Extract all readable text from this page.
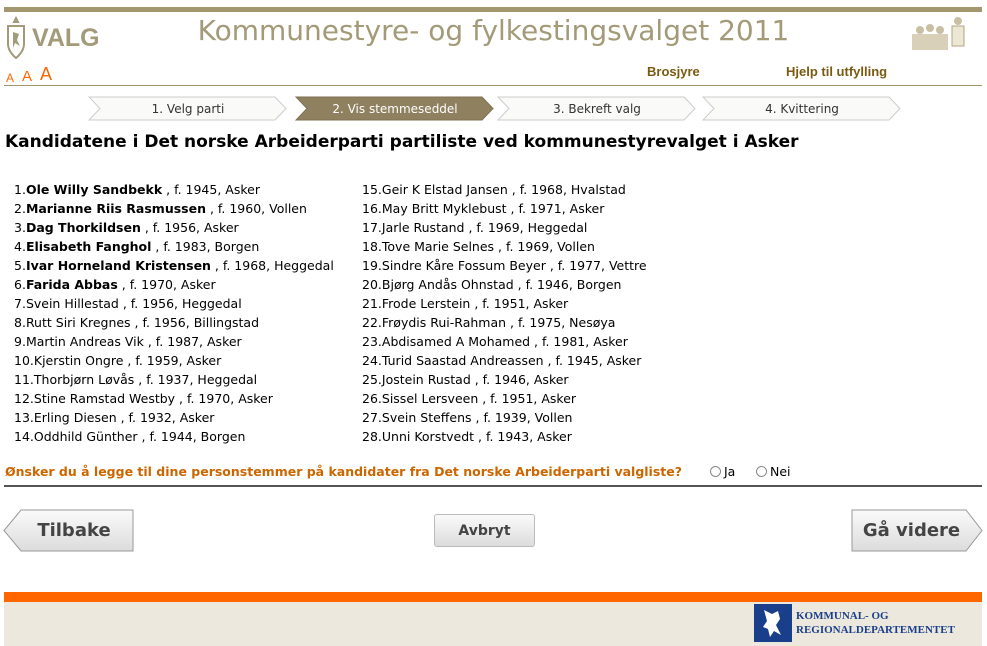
VALG	Kommunestyre- og fylkestingsvalget 2011
A A A	Brosjyre	Hjelp til utfylling
1. Velg parti	2. Vis stemmeseddel	3. Bekreft valg	4. Kvittering
Kandidatene i Det norske Arbeiderparti partiliste ved kommunestyrevalget i Asker
1.Ole Willy Sandbekk , f. 1945, Asker
2.Marianne Riis Rasmussen , f. 1960, Vollen
3.Dag Thorkildsen , f. 1956, Asker
4.Elisabeth Fanghol , f. 1983, Borgen
5.Ivar Horneland Kristensen , f. 1968, Heggedal
6.Farida Abbas , f. 1970, Asker
7.Svein Hillestad , f. 1956, Heggedal
8.Rutt Siri Kregnes , f. 1956, Billingstad
9.Martin Andreas Vik , f. 1987, Asker
10.Kjerstin Ongre , f. 1959, Asker
11.Thorbjørn Løvås , f. 1937, Heggedal
12.Stine Ramstad Westby , f. 1970, Asker
13.Erling Diesen , f. 1932, Asker
14.Oddhild Günther , f. 1944, Borgen
15.Geir K Elstad Jansen , f. 1968, Hvalstad
16.May Britt Myklebust , f. 1971, Asker
17.Jarle Rustand , f. 1969, Heggedal
18.Tove Marie Selnes , f. 1969, Vollen
19.Sindre Kåre Fossum Beyer , f. 1977, Vettre
20.Bjørg Andås Ohnstad , f. 1946, Borgen
21.Frode Lerstein , f. 1951, Asker
22.Frøydis Rui-Rahman , f. 1975, Nesøya
23.Abdisamed A Mohamed , f. 1981, Asker
24.Turid Saastad Andreassen , f. 1945, Asker
25.Jostein Rustad , f. 1946, Asker
26.Sissel Lersveen , f. 1951, Asker
27.Svein Steffens , f. 1939, Vollen
28.Unni Korstvedt , f. 1943, Asker
Ønsker du å legge til dine personstemmer på kandidater fra Det norske Arbeiderparti valgliste?	Ja	Nei
Tilbake	Avbryt	Gå videre
KOMMUNAL- OG
REGIONALDEPARTEMENTET
